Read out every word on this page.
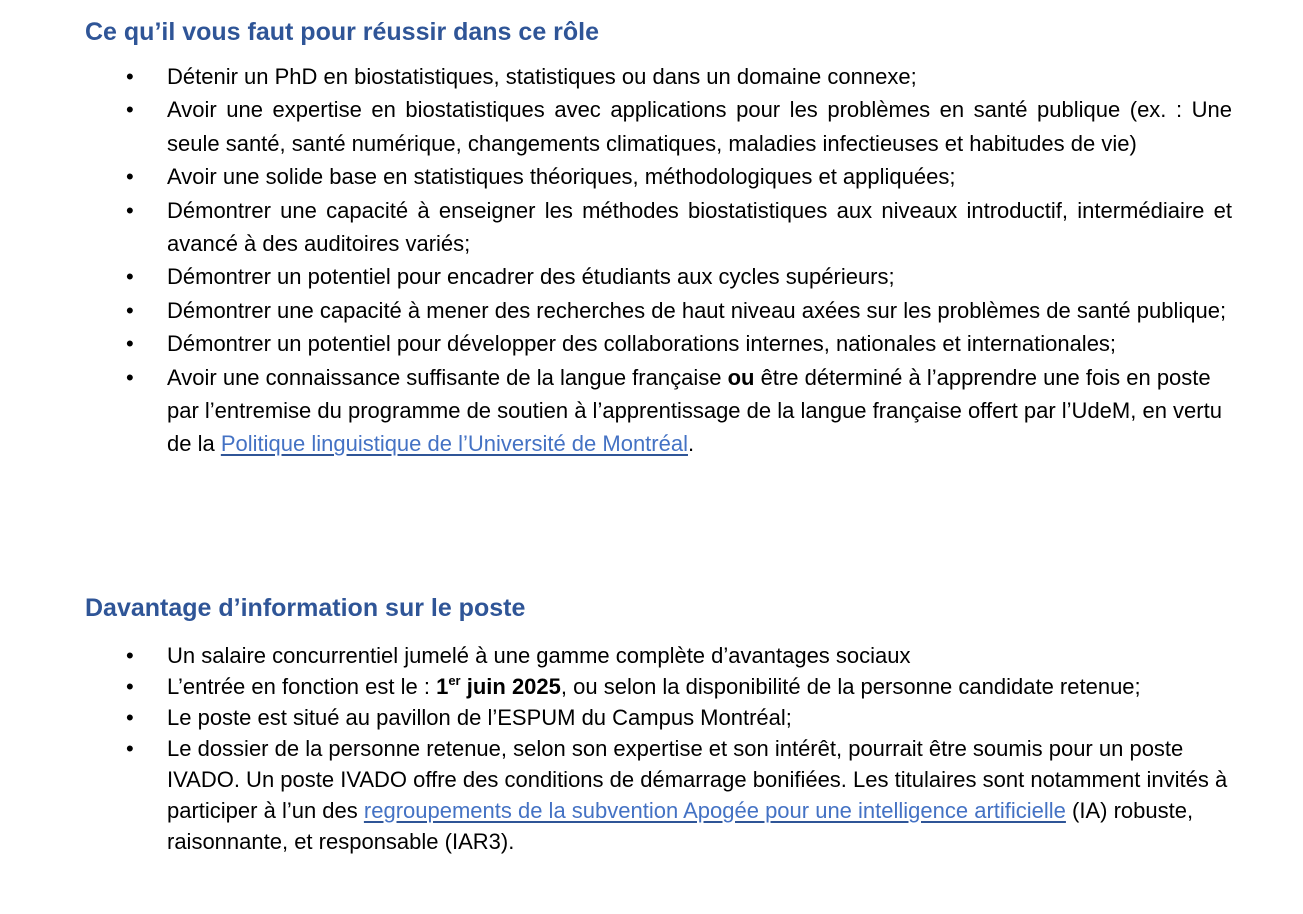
Ce qu’il vous faut pour réussir dans ce rôle
•	Détenir un PhD en biostatistiques, statistiques ou dans un domaine connexe;
•	Avoir une expertise en biostatistiques avec applications pour les problèmes en santé publique (ex. : Une seule santé, santé numérique, changements climatiques, maladies infectieuses et habitudes de vie)
•	Avoir une solide base en statistiques théoriques, méthodologiques et appliquées;
•	Démontrer une capacité à enseigner les méthodes biostatistiques aux niveaux introductif, intermédiaire et avancé à des auditoires variés;
•	Démontrer un potentiel pour encadrer des étudiants aux cycles supérieurs;
•	Démontrer une capacité à mener des recherches de haut niveau axées sur les problèmes de santé publique;
•	Démontrer un potentiel pour développer des collaborations internes, nationales et internationales;
•	Avoir une connaissance suffisante de la langue française ou être déterminé à l’apprendre une fois en poste par l’entremise du programme de soutien à l’apprentissage de la langue française offert par l’UdeM, en vertu de la Politique linguistique de l’Université de Montréal.
Davantage d’information sur le poste
•	Un salaire concurrentiel jumelé à une gamme complète d’avantages sociaux
•	L’entrée en fonction est le : 1er juin 2025, ou selon la disponibilité de la personne candidate retenue;
•	Le poste est situé au pavillon de l’ESPUM du Campus Montréal;
•	Le dossier de la personne retenue, selon son expertise et son intérêt, pourrait être soumis pour un poste IVADO. Un poste IVADO offre des conditions de démarrage bonifiées. Les titulaires sont notamment invités à participer à l’un des regroupements de la subvention Apogée pour une intelligence artificielle (IA) robuste, raisonnante, et responsable (IAR3).
